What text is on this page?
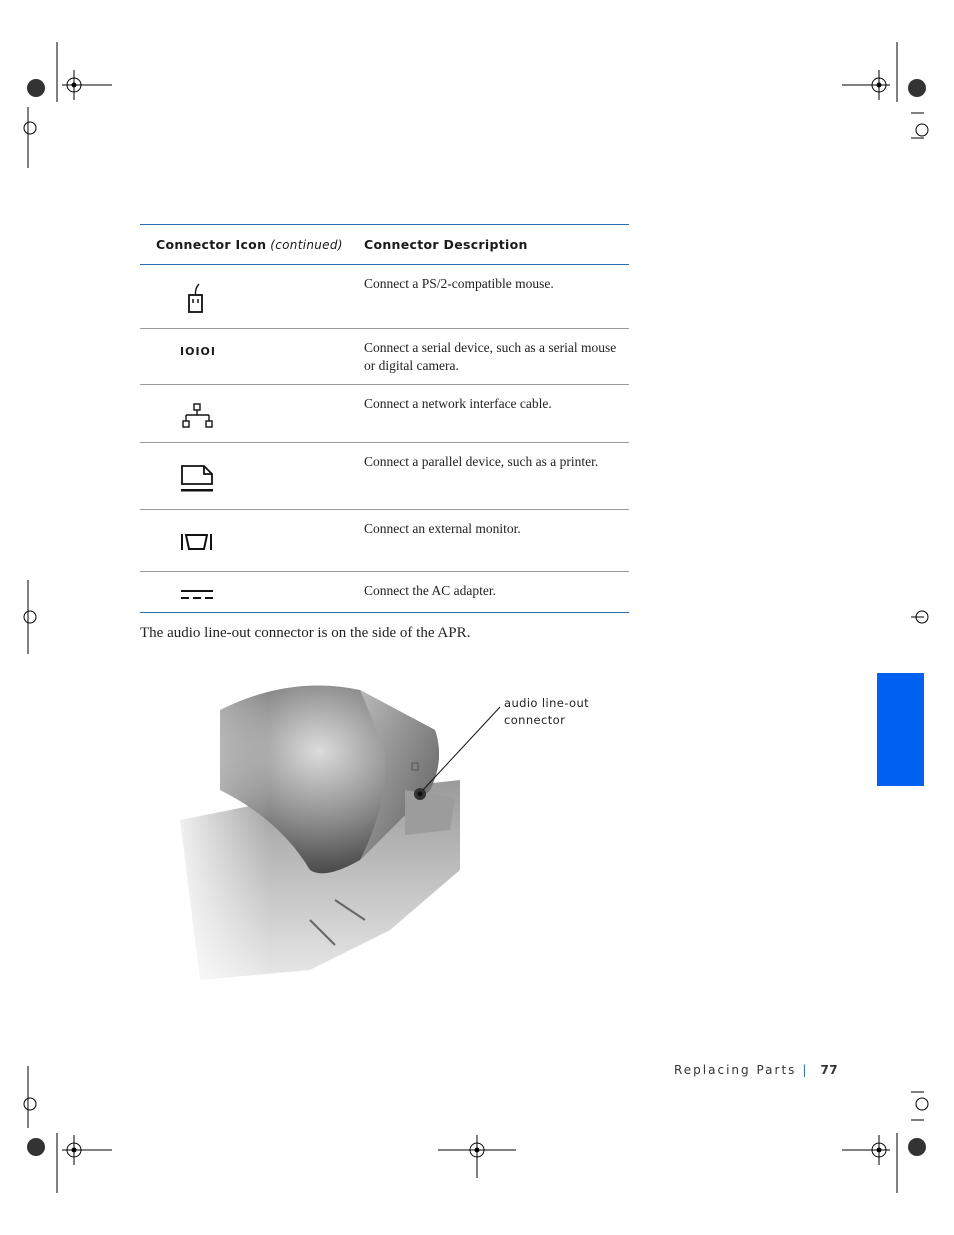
Connector Icon (continued) Connector Description
Connect a PS/2-compatible mouse.
IOIOI	Connect a serial device, such as a serial mouse or digital camera.
Connect a network interface cable.
Connect a parallel device, such as a printer.
Connect an external monitor.
Connect the AC adapter.
The audio line-out connector is on the side of the APR.
audio line-out
connector
Replacing Parts | 77
